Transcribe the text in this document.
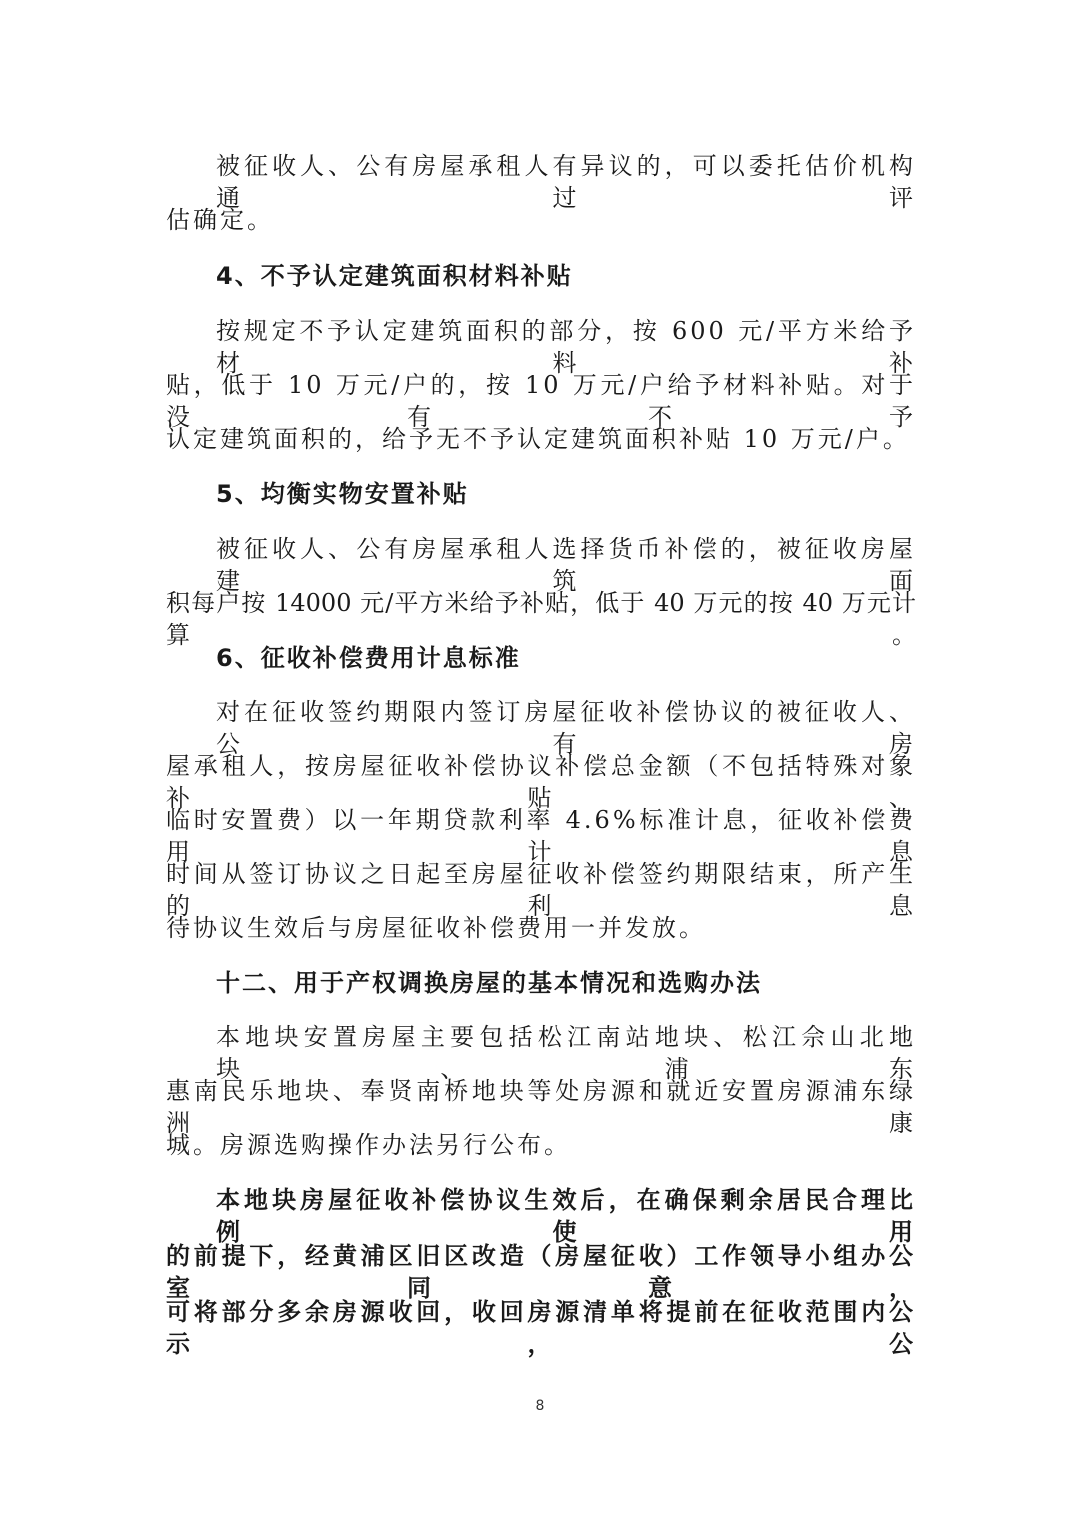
被征收人、公有房屋承租人有异议的，可以委托估价机构通过评
估确定。
4、不予认定建筑面积材料补贴
按规定不予认定建筑面积的部分，按 600 元/平方米给予材料补
贴，低于 10 万元/户的，按 10 万元/户给予材料补贴。对于没有不予
认定建筑面积的，给予无不予认定建筑面积补贴 10 万元/户。
5、均衡实物安置补贴
被征收人、公有房屋承租人选择货币补偿的，被征收房屋建筑面
积每户按 14000 元/平方米给予补贴，低于 40 万元的按 40 万元计算。
6、征收补偿费用计息标准
对在征收签约期限内签订房屋征收补偿协议的被征收人、公有房
屋承租人，按房屋征收补偿协议补偿总金额（不包括特殊对象补贴、
临时安置费）以一年期贷款利率 4.6%标准计息，征收补偿费用计息
时间从签订协议之日起至房屋征收补偿签约期限结束，所产生的利息
待协议生效后与房屋征收补偿费用一并发放。
十二、用于产权调换房屋的基本情况和选购办法
本地块安置房屋主要包括松江南站地块、松江佘山北地块、浦东
惠南民乐地块、奉贤南桥地块等处房源和就近安置房源浦东绿洲康
城。房源选购操作办法另行公布。
本地块房屋征收补偿协议生效后，在确保剩余居民合理比例使用
的前提下，经黄浦区旧区改造（房屋征收）工作领导小组办公室同意，
可将部分多余房源收回，收回房源清单将提前在征收范围内公示，公
8
